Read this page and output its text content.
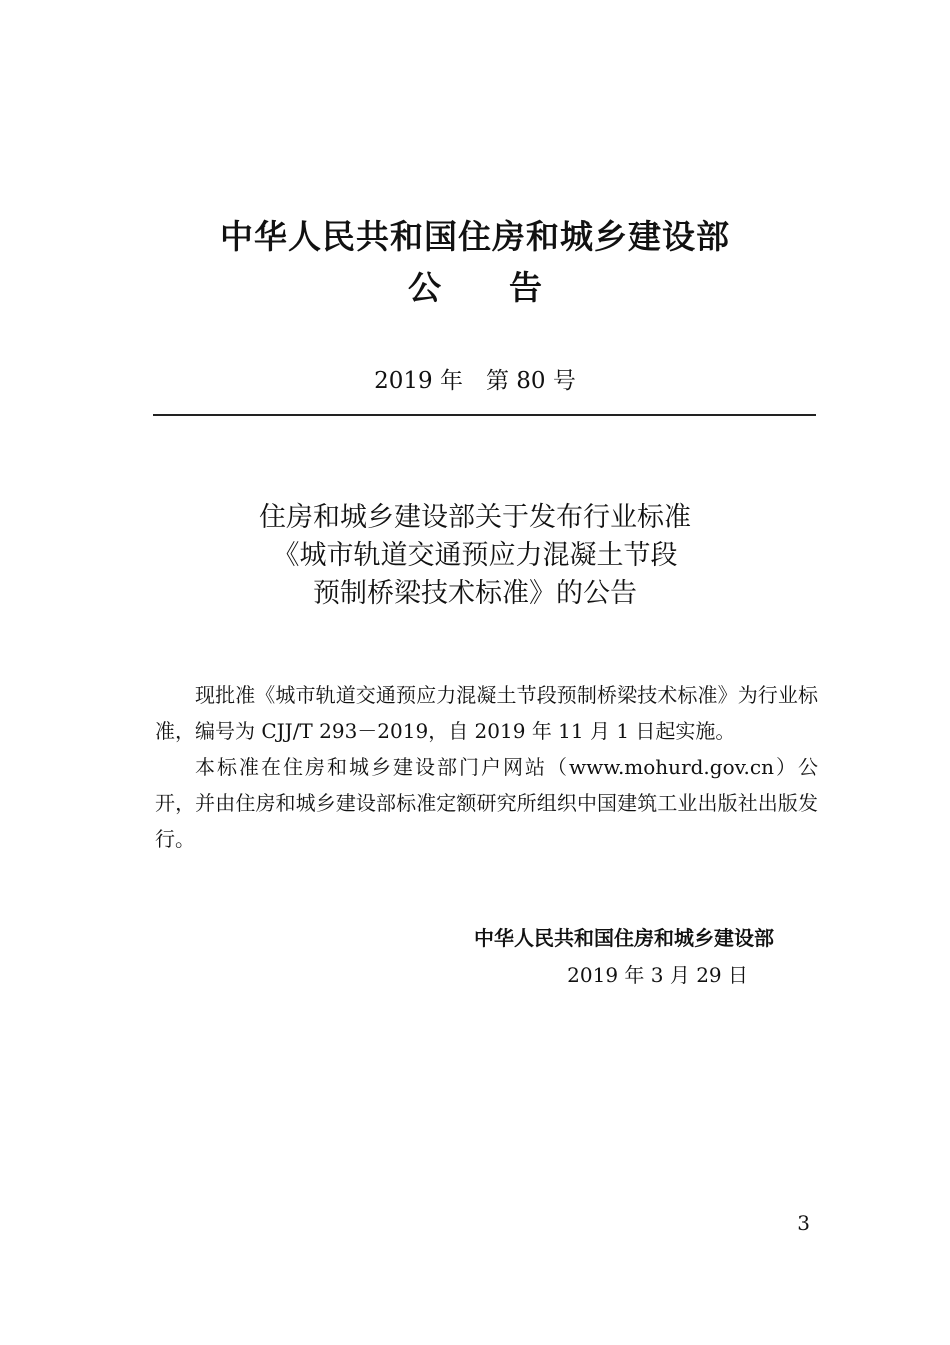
中华人民共和国住房和城乡建设部
公告
2019 年　第 80 号
住房和城乡建设部关于发布行业标准
《城市轨道交通预应力混凝土节段
预制桥梁技术标准》的公告

现批准《城市轨道交通预应力混凝土节段预制桥梁技术标准》为行业标准，编号为 CJJ/T 293－2019，自 2019 年 11 月 1 日起实施。

本标准在住房和城乡建设部门户网站（www.mohurd.gov.cn）公开，并由住房和城乡建设部标准定额研究所组织中国建筑工业出版社出版发行。

中华人民共和国住房和城乡建设部
2019 年 3 月 29 日
3
